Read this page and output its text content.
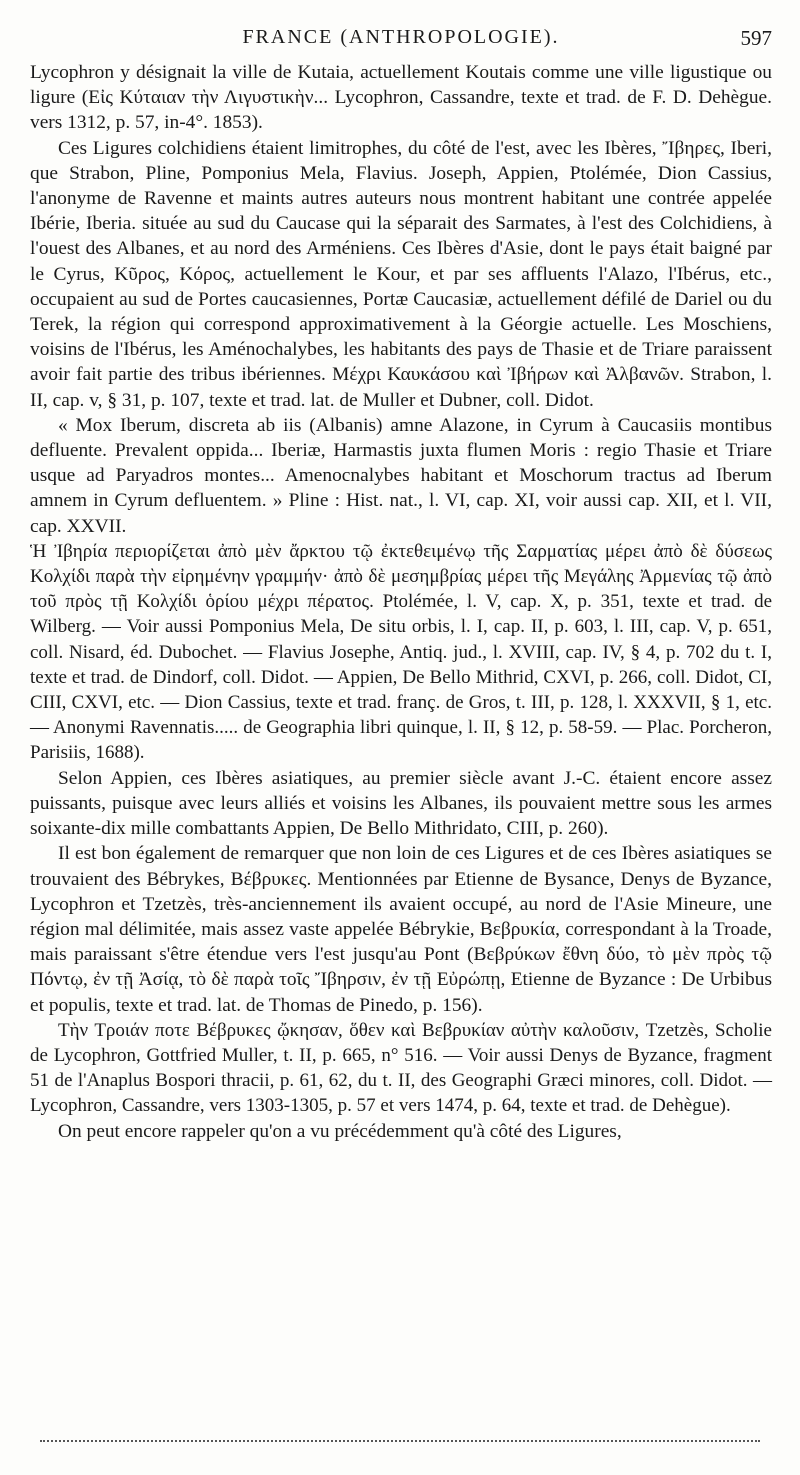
FRANCE (ANTHROPOLOGIE).	597

Lycophron y désignait la ville de Kutaia, actuellement Koutais comme une ville ligustique ou ligure (Εἰς Κύταιαν τὴν Λιγυστικὴν... Lycophron, Cassandre, texte et trad. de F. D. Dehègue. vers 1312, p. 57, in-4°. 1853).

Ces Ligures colchidiens étaient limitrophes, du côté de l'est, avec les Ibères, Ἴβηρες, Iberi, que Strabon, Pline, Pomponius Mela, Flavius. Joseph, Appien, Ptolémée, Dion Cassius, l'anonyme de Ravenne et maints autres auteurs nous montrent habitant une contrée appelée Ibérie, Iberia. située au sud du Caucase qui la séparait des Sarmates, à l'est des Colchidiens, à l'ouest des Albanes, et au nord des Arméniens. Ces Ibères d'Asie, dont le pays était baigné par le Cyrus, Κῦρος, Κόρος, actuellement le Kour, et par ses affluents l'Alazo, l'Ibérus, etc., occupaient au sud de Portes caucasiennes, Portæ Caucasiæ, actuellement défilé de Dariel ou du Terek, la région qui correspond approximativement à la Géorgie actuelle. Les Moschiens, voisins de l'Ibérus, les Aménochalybes, les habitants des pays de Thasie et de Triare paraissent avoir fait partie des tribus ibériennes. Μέχρι Καυκάσου καὶ Ἰβήρων καὶ Ἀλβανῶν. Strabon, l. II, cap. v, § 31, p. 107, texte et trad. lat. de Muller et Dubner, coll. Didot.

« Mox Iberum, discreta ab iis (Albanis) amne Alazone, in Cyrum à Caucasiis montibus defluente. Prevalent oppida... Iberiæ, Harmastis juxta flumen Moris : regio Thasie et Triare usque ad Paryadros montes... Amenocnalybes habitant et Moschorum tractus ad Iberum amnem in Cyrum defluentem. » Pline : Hist. nat., l. VI, cap. XI, voir aussi cap. XII, et l. VII, cap. XXVII.

Ἡ Ἰβηρία περιορίζεται ἀπὸ μὲν ἄρκτου τῷ ἐκτεθειμένῳ τῆς Σαρματίας μέρει ἀπὸ δὲ δύσεως Κολχίδι παρὰ τὴν εἰρημένην γραμμήν· ἀπὸ δὲ μεσημβρίας μέρει τῆς Μεγάλης Ἀρμενίας τῷ ἀπὸ τοῦ πρὸς τῇ Κολχίδι ὁρίου μέχρι πέρατος. Ptolémée, l. V, cap. X, p. 351, texte et trad. de Wilberg. — Voir aussi Pomponius Mela, De situ orbis, l. I, cap. II, p. 603, l. III, cap. V, p. 651, coll. Nisard, éd. Dubochet. — Flavius Josephe, Antiq. jud., l. XVIII, cap. IV, § 4, p. 702 du t. I, texte et trad. de Dindorf, coll. Didot. — Appien, De Bello Mithrid, CXVI, p. 266, coll. Didot, CI, CIII, CXVI, etc. — Dion Cassius, texte et trad. franç. de Gros, t. III, p. 128, l. XXXVII, § 1, etc. — Anonymi Ravennatis..... de Geographia libri quinque, l. II, § 12, p. 58-59. — Plac. Porcheron, Parisiis, 1688).

Selon Appien, ces Ibères asiatiques, au premier siècle avant J.-C. étaient encore assez puissants, puisque avec leurs alliés et voisins les Albanes, ils pouvaient mettre sous les armes soixante-dix mille combattants Appien, De Bello Mithridato, CIII, p. 260).

Il est bon également de remarquer que non loin de ces Ligures et de ces Ibères asiatiques se trouvaient des Bébrykes, Βέβρυκες. Mentionnées par Etienne de Bysance, Denys de Byzance, Lycophron et Tzetzès, très-anciennement ils avaient occupé, au nord de l'Asie Mineure, une région mal délimitée, mais assez vaste appelée Bébrykie, Βεβρυκία, correspondant à la Troade, mais paraissant s'être étendue vers l'est jusqu'au Pont (Βεβρύκων ἔθνη δύο, τὸ μὲν πρὸς τῷ Πόντῳ, ἐν τῇ Ἀσίᾳ, τὸ δὲ παρὰ τοῖς Ἴβηρσιν, ἐν τῇ Εὐρώπῃ, Etienne de Byzance : De Urbibus et populis, texte et trad. lat. de Thomas de Pinedo, p. 156).

Τὴν Τροιάν ποτε Βέβρυκες ᾤκησαν, ὅθεν καὶ Βεβρυκίαν αὐτὴν καλοῦσιν, Tzetzès, Scholie de Lycophron, Gottfried Muller, t. II, p. 665, n° 516. — Voir aussi Denys de Byzance, fragment 51 de l'Anaplus Bospori thracii, p. 61, 62, du t. II, des Geographi Græci minores, coll. Didot. — Lycophron, Cassandre, vers 1303-1305, p. 57 et vers 1474, p. 64, texte et trad. de Dehègue).

On peut encore rappeler qu'on a vu précédemment qu'à côté des Ligures,
